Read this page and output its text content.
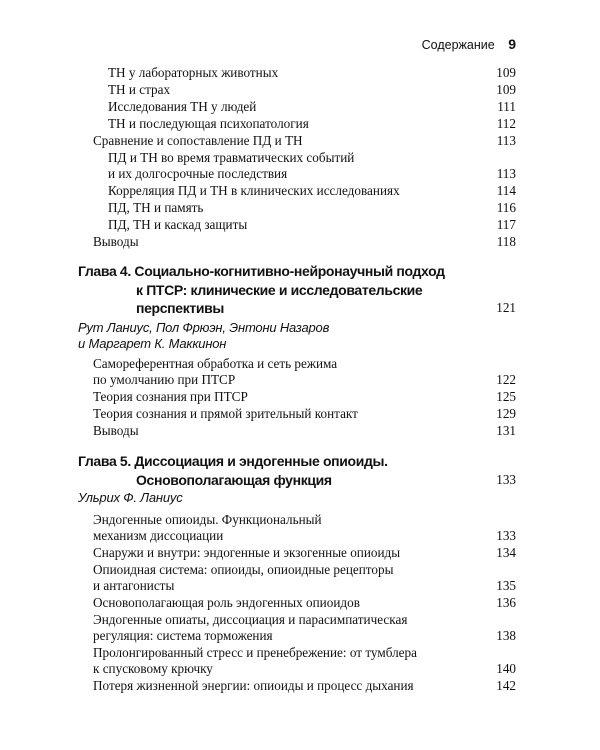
Содержание 9
ТН у лабораторных животных	109
ТН и страх	109
Исследования ТН у людей	111
ТН и последующая психопатология	112
Сравнение и сопоставление ПД и ТН	113
ПД и ТН во время травматических событий
и их долгосрочные последствия	113
Корреляция ПД и ТН в клинических исследованиях	114
ПД, ТН и память	116
ПД, ТН и каскад защиты	117
Выводы	118
Глава 4. Социально-когнитивно-нейронаучный подход
к ПТСР: клинические и исследовательские
перспективы	121
Рут Ланиус, Пол Фрюэн, Энтони Назаров
и Маргарет К. Маккинон
Самореферентная обработка и сеть режима
по умолчанию при ПТСР	122
Теория сознания при ПТСР	125
Теория сознания и прямой зрительный контакт	129
Выводы	131
Глава 5. Диссоциация и эндогенные опиоиды.
Основополагающая функция	133
Ульрих Ф. Ланиус
Эндогенные опиоиды. Функциональный
механизм диссоциации	133
Снаружи и внутри: эндогенные и экзогенные опиоиды	134
Опиоидная система: опиоиды, опиоидные рецепторы
и антагонисты	135
Основополагающая роль эндогенных опиоидов	136
Эндогенные опиаты, диссоциация и парасимпатическая
регуляция: система торможения	138
Пролонгированный стресс и пренебрежение: от тумблера
к спусковому крючку	140
Потеря жизненной энергии: опиоиды и процесс дыхания	142
